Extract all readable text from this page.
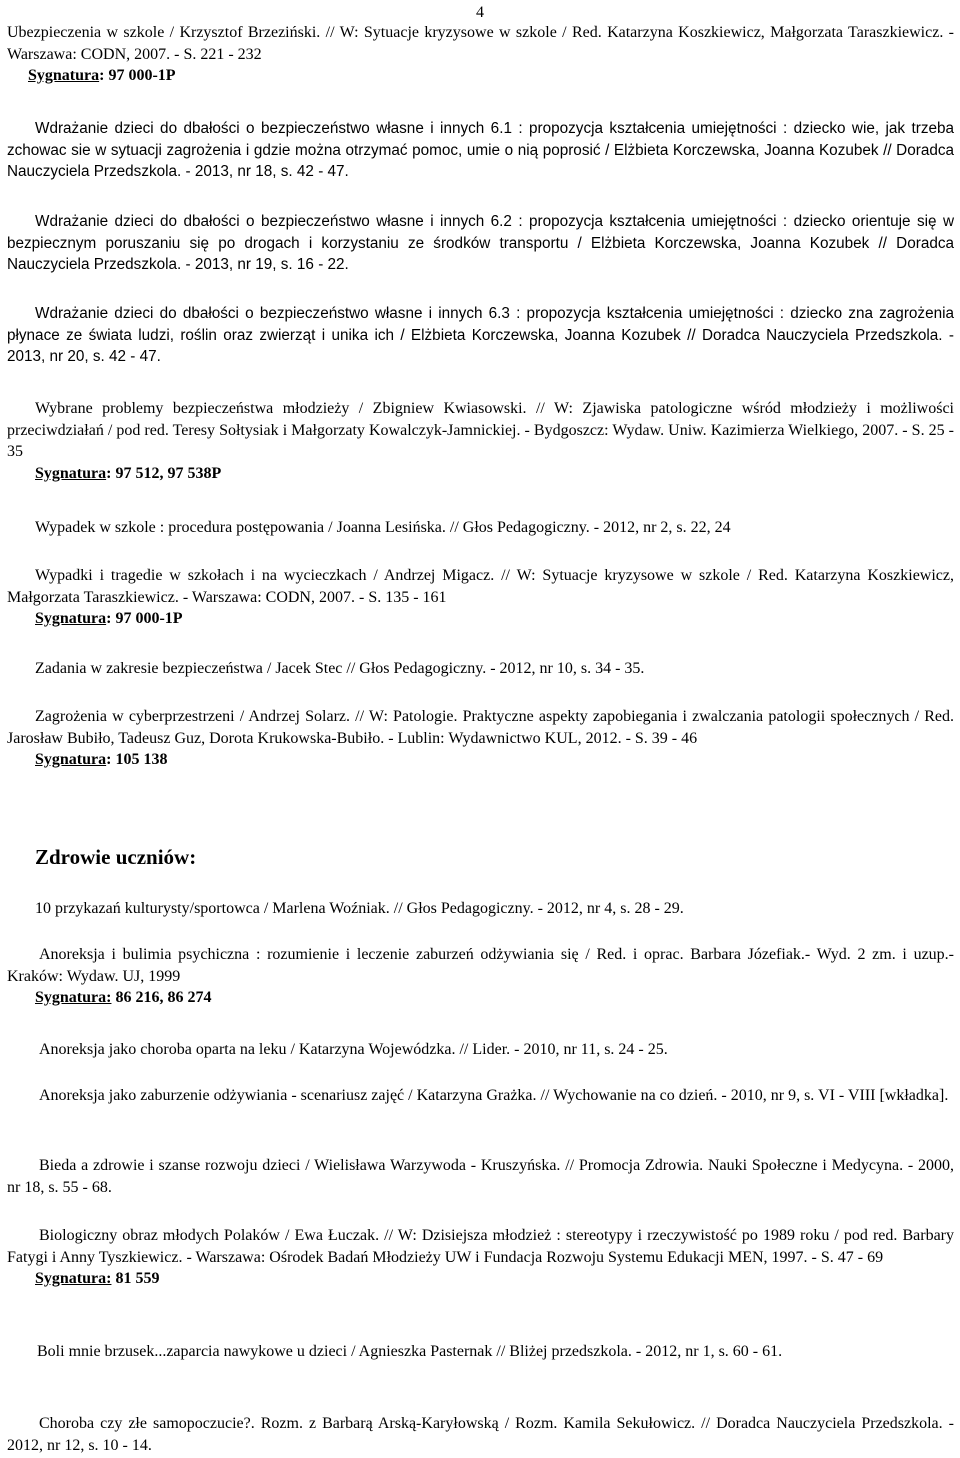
4
Ubezpieczenia w szkole / Krzysztof Brzeziński. // W: Sytuacje kryzysowe w szkole / Red. Katarzyna Koszkiewicz, Małgorzata Taraszkiewicz. - Warszawa: CODN, 2007. - S. 221 - 232
Sygnatura: 97 000-1P
Wdrażanie dzieci do dbałości o bezpieczeństwo własne i innych 6.1 : propozycja kształcenia umiejętności : dziecko wie, jak trzeba zchowac sie w sytuacji zagrożenia i gdzie można otrzymać pomoc, umie o nią poprosić / Elżbieta Korczewska, Joanna Kozubek // Doradca Nauczyciela Przedszkola. - 2013, nr 18, s. 42 - 47.
Wdrażanie dzieci do dbałości o bezpieczeństwo własne i innych 6.2 : propozycja kształcenia umiejętności : dziecko orientuje się w bezpiecznym poruszaniu się po drogach i korzystaniu ze środków transportu / Elżbieta Korczewska, Joanna Kozubek // Doradca Nauczyciela Przedszkola. - 2013, nr 19, s. 16 - 22.
Wdrażanie dzieci do dbałości o bezpieczeństwo własne i innych 6.3 : propozycja kształcenia umiejętności : dziecko zna zagrożenia płynace ze świata ludzi, roślin oraz zwierząt i unika ich / Elżbieta Korczewska, Joanna Kozubek // Doradca Nauczyciela Przedszkola. - 2013, nr 20, s. 42 - 47.
Wybrane problemy bezpieczeństwa młodzieży / Zbigniew Kwiasowski. // W: Zjawiska patologiczne wśród młodzieży i możliwości przeciwdziałań / pod red. Teresy Sołtysiak i Małgorzaty Kowalczyk-Jamnickiej. - Bydgoszcz: Wydaw. Uniw. Kazimierza Wielkiego, 2007. - S. 25 - 35
Sygnatura: 97 512, 97 538P
Wypadek w szkole : procedura postępowania / Joanna Lesińska. // Głos Pedagogiczny. - 2012, nr 2, s. 22, 24
Wypadki i tragedie w szkołach i na wycieczkach / Andrzej Migacz. // W: Sytuacje kryzysowe w szkole / Red. Katarzyna Koszkiewicz, Małgorzata Taraszkiewicz. - Warszawa: CODN, 2007. - S. 135 - 161
Sygnatura: 97 000-1P
Zadania w zakresie bezpieczeństwa / Jacek Stec // Głos Pedagogiczny. - 2012, nr 10, s. 34 - 35.
Zagrożenia w cyberprzestrzeni / Andrzej Solarz. // W: Patologie. Praktyczne aspekty zapobiegania i zwalczania patologii społecznych / Red. Jarosław Bubiło, Tadeusz Guz, Dorota Krukowska-Bubiło. - Lublin: Wydawnictwo KUL, 2012. - S. 39 - 46
Sygnatura: 105 138
Zdrowie uczniów:
10 przykazań kulturysty/sportowca / Marlena Woźniak. // Głos Pedagogiczny. - 2012, nr 4, s. 28 - 29.
Anoreksja i bulimia psychiczna : rozumienie i leczenie zaburzeń odżywiania się / Red. i oprac. Barbara Józefiak.- Wyd. 2 zm. i uzup.- Kraków: Wydaw. UJ, 1999
Sygnatura: 86 216, 86 274
Anoreksja jako choroba oparta na leku / Katarzyna Wojewódzka. // Lider. - 2010, nr 11, s. 24 - 25.
Anoreksja jako zaburzenie odżywiania - scenariusz zajęć / Katarzyna Grażka. // Wychowanie na co dzień. - 2010, nr 9, s. VI - VIII [wkładka].
Bieda a zdrowie i szanse rozwoju dzieci / Wielisława Warzywoda - Kruszyńska. // Promocja Zdrowia. Nauki Społeczne i Medycyna. - 2000, nr 18, s. 55 - 68.
Biologiczny obraz młodych Polaków / Ewa Łuczak. // W: Dzisiejsza młodzież : stereotypy i rzeczywistość po 1989 roku / pod red. Barbary Fatygi i Anny Tyszkiewicz. - Warszawa: Ośrodek Badań Młodzieży UW i Fundacja Rozwoju Systemu Edukacji MEN, 1997. - S. 47 - 69
Sygnatura: 81 559
Boli mnie brzusek...zaparcia nawykowe u dzieci / Agnieszka Pasternak // Bliżej przedszkola. - 2012, nr 1, s. 60 - 61.
Choroba czy złe samopoczucie?. Rozm. z Barbarą Arską-Karyłowską / Rozm. Kamila Sekułowicz. // Doradca Nauczyciela Przedszkola. - 2012, nr 12, s. 10 - 14.
